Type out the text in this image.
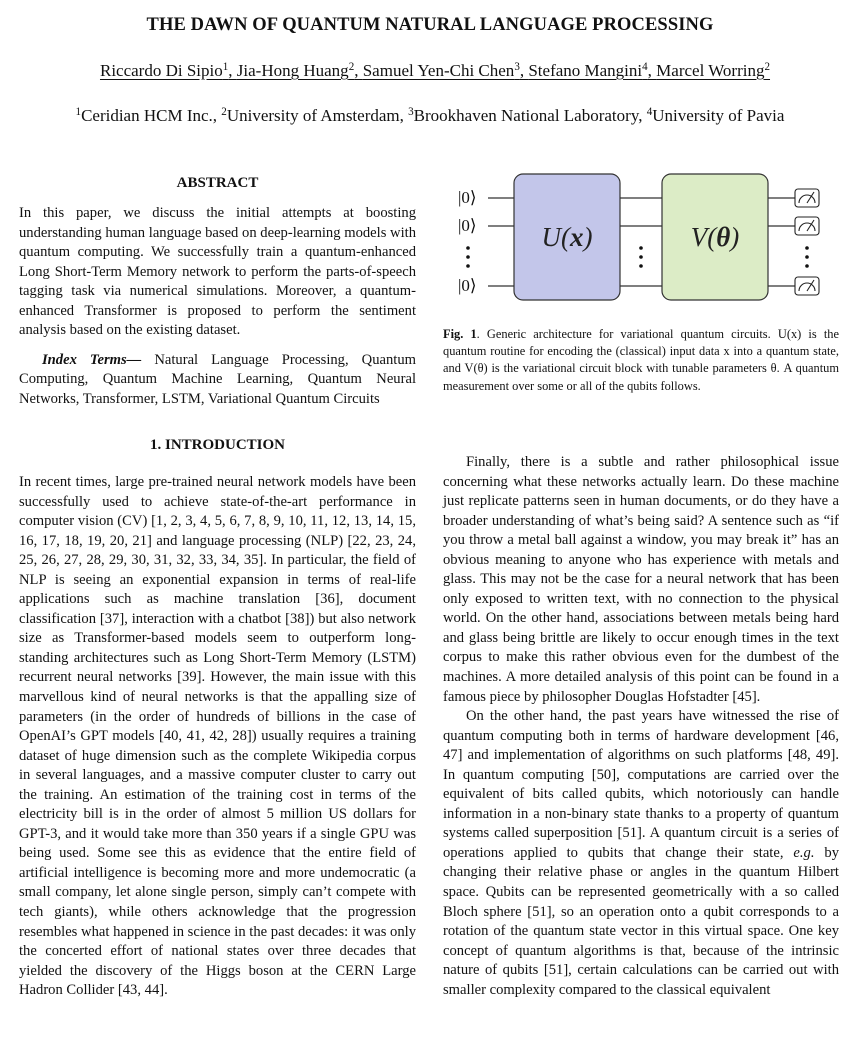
THE DAWN OF QUANTUM NATURAL LANGUAGE PROCESSING
Riccardo Di Sipio$^1$, Jia-Hong Huang$^2$, Samuel Yen-Chi Chen$^3$, Stefano Mangini$^4$, Marcel Worring$^2$
$^1$Ceridian HCM Inc., $^2$University of Amsterdam, $^3$Brookhaven National Laboratory, $^4$University of Pavia
ABSTRACT

In this paper, we discuss the initial attempts at boosting understanding human language based on deep-learning models with quantum computing. We successfully train a quantum-enhanced Long Short-Term Memory network to perform the parts-of-speech tagging task via numerical simulations. Moreover, a quantum-enhanced Transformer is proposed to perform the sentiment analysis based on the existing dataset.

Index Terms— Natural Language Processing, Quantum Computing, Quantum Machine Learning, Quantum Neural Networks, Transformer, LSTM, Variational Quantum Circuits

1. INTRODUCTION

In recent times, large pre-trained neural network models have been successfully used to achieve state-of-the-art performance in computer vision (CV) [1, 2, 3, 4, 5, 6, 7, 8, 9, 10, 11, 12, 13, 14, 15, 16, 17, 18, 19, 20, 21] and language processing (NLP) [22, 23, 24, 25, 26, 27, 28, 29, 30, 31, 32, 33, 34, 35]. In particular, the field of NLP is seeing an exponential expansion in terms of real-life applications such as machine translation [36], document classification [37], interaction with a chatbot [38]) but also network size as Transformer-based models seem to outperform long-standing architectures such as Long Short-Term Memory (LSTM) recurrent neural networks [39]. However, the main issue with this marvellous kind of neural networks is that the appalling size of parameters (in the order of hundreds of billions in the case of OpenAI’s GPT models [40, 41, 42, 28]) usually requires a training dataset of huge dimension such as the complete Wikipedia corpus in several languages, and a massive computer cluster to carry out the training. An estimation of the training cost in terms of the electricity bill is in the order of almost 5 million US dollars for GPT-3, and it would take more than 350 years if a single GPU was being used. Some see this as evidence that the entire field of artificial intelligence is becoming more and more undemocratic (a small company, let alone single person, simply can’t compete with tech giants), while others acknowledge that the progression resembles what happened in science in the past decades: it was only the concerted effort of national states over three decades that yielded the discovery of the Higgs boson at the CERN Large Hadron Collider [43, 44].

|0⟩
|0⟩
|0⟩
U(x)	V(θ)

Fig. 1. Generic architecture for variational quantum circuits. U(x) is the quantum routine for encoding the (classical) input data x into a quantum state, and V(θ) is the variational circuit block with tunable parameters θ. A quantum measurement over some or all of the qubits follows.

Finally, there is a subtle and rather philosophical issue concerning what these networks actually learn. Do these machine just replicate patterns seen in human documents, or do they have a broader understanding of what’s being said? A sentence such as “if you throw a metal ball against a window, you may break it” has an obvious meaning to anyone who has experience with metals and glass. This may not be the case for a neural network that has been only exposed to written text, with no connection to the physical world. On the other hand, associations between metals being hard and glass being brittle are likely to occur enough times in the text corpus to make this rather obvious even for the dumbest of the machines. A more detailed analysis of this point can be found in a famous piece by philosopher Douglas Hofstadter [45].

On the other hand, the past years have witnessed the rise of quantum computing both in terms of hardware development [46, 47] and implementation of algorithms on such platforms [48, 49]. In quantum computing [50], computations are carried over the equivalent of bits called qubits, which notoriously can handle information in a non-binary state thanks to a property of quantum systems called superposition [51]. A quantum circuit is a series of operations applied to qubits that change their state, e.g. by changing their relative phase or angles in the quantum Hilbert space. Qubits can be represented geometrically with a so called Bloch sphere [51], so an operation onto a qubit corresponds to a rotation of the quantum state vector in this virtual space. One key concept of quantum algorithms is that, because of the intrinsic nature of qubits [51], certain calculations can be carried out with smaller complexity compared to the classical equivalent
